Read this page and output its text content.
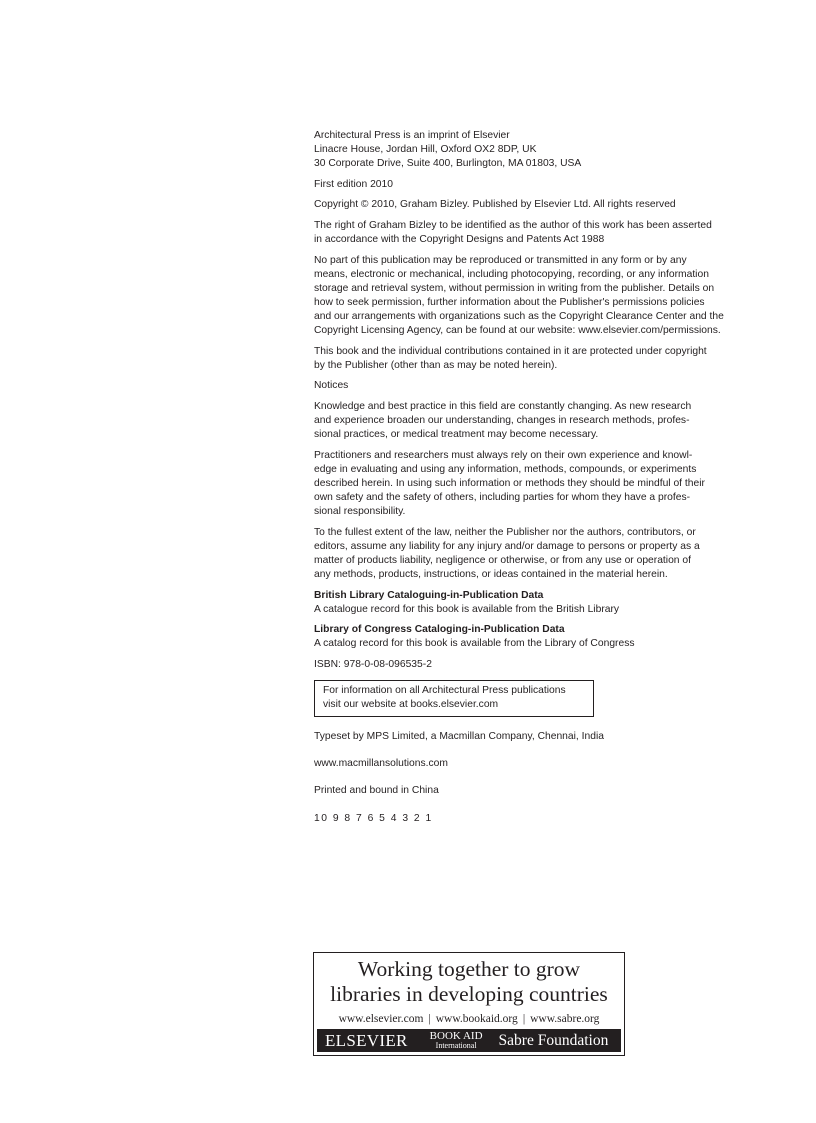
Architectural Press is an imprint of Elsevier

Linacre House, Jordan Hill, Oxford OX2 8DP, UK

30 Corporate Drive, Suite 400, Burlington, MA 01803, USA

First edition 2010

Copyright © 2010, Graham Bizley. Published by Elsevier Ltd. All rights reserved

The right of Graham Bizley to be identified as the author of this work has been asserted
in accordance with the Copyright Designs and Patents Act 1988

No part of this publication may be reproduced or transmitted in any form or by any
means, electronic or mechanical, including photocopying, recording, or any information
storage and retrieval system, without permission in writing from the publisher. Details on
how to seek permission, further information about the Publisher's permissions policies
and our arrangements with organizations such as the Copyright Clearance Center and the
Copyright Licensing Agency, can be found at our website: www.elsevier.com/permissions.

This book and the individual contributions contained in it are protected under copyright
by the Publisher (other than as may be noted herein).

Notices

Knowledge and best practice in this field are constantly changing. As new research
and experience broaden our understanding, changes in research methods, profes-
sional practices, or medical treatment may become necessary.

Practitioners and researchers must always rely on their own experience and knowl-
edge in evaluating and using any information, methods, compounds, or experiments
described herein. In using such information or methods they should be mindful of their
own safety and the safety of others, including parties for whom they have a profes-
sional responsibility.

To the fullest extent of the law, neither the Publisher nor the authors, contributors, or
editors, assume any liability for any injury and/or damage to persons or property as a
matter of products liability, negligence or otherwise, or from any use or operation of
any methods, products, instructions, or ideas contained in the material herein.

British Library Cataloguing-in-Publication Data

A catalogue record for this book is available from the British Library

Library of Congress Cataloging-in-Publication Data

A catalog record for this book is available from the Library of Congress

ISBN: 978-0-08-096535-2

For information on all Architectural Press publications

visit our website at books.elsevier.com

Typeset by MPS Limited, a Macmillan Company, Chennai, India

www.macmillansolutions.com

Printed and bound in China

10 9 8 7 6 5 4 3 2 1

Working together to grow
libraries in developing countries
www.elsevier.com | www.bookaid.org | www.sabre.org
ELSEVIER BOOK AID
International Sabre Foundation
